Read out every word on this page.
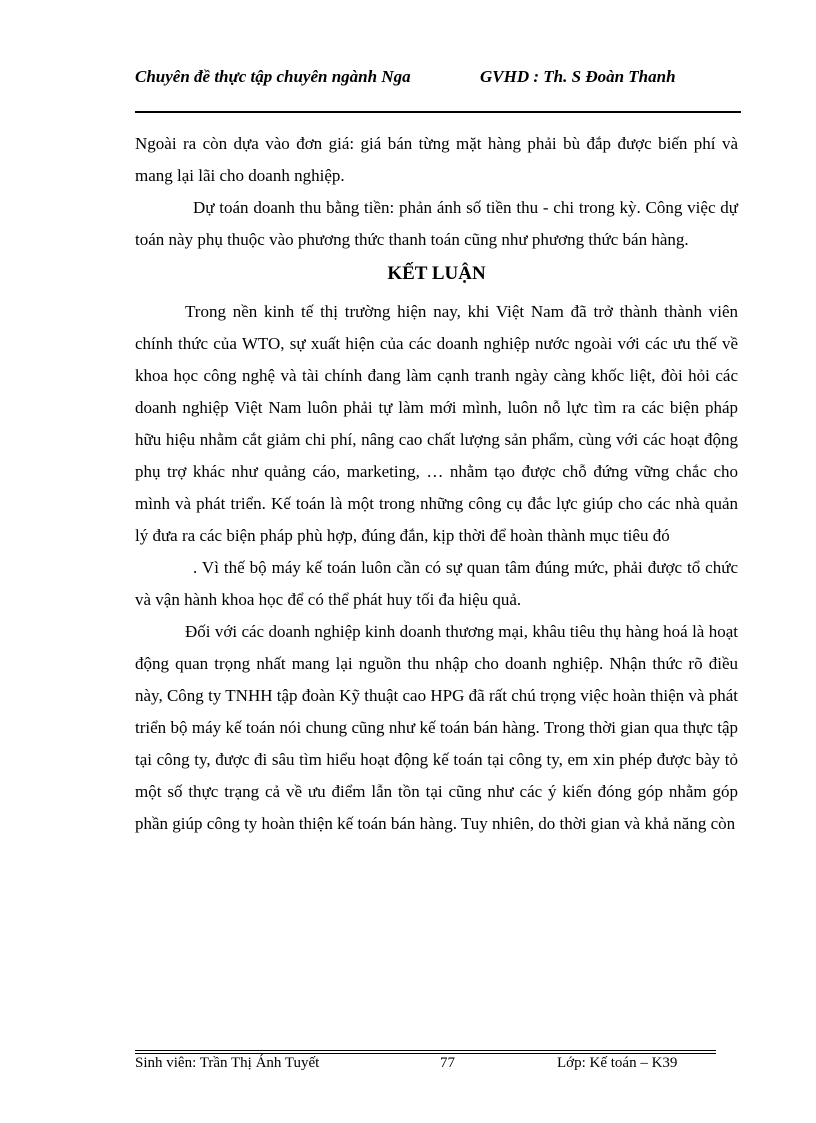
Chuyên đề thực tập chuyên ngành Nga	GVHD : Th. S Đoàn Thanh

Ngoài ra còn dựa vào đơn giá: giá bán từng mặt hàng phải bù đắp được biến phí và mang lại lãi cho doanh nghiệp.

Dự toán doanh thu bằng tiền: phản ánh số tiền thu - chi trong kỳ. Công việc dự toán này phụ thuộc vào phương thức thanh toán cũng như phương thức bán hàng.

KẾT LUẬN

Trong nền kinh tế thị trường hiện nay, khi Việt Nam đã trở thành thành viên chính thức của WTO, sự xuất hiện của các doanh nghiệp nước ngoài với các ưu thế về khoa học công nghệ và tài chính đang làm cạnh tranh ngày càng khốc liệt, đòi hỏi các doanh nghiệp Việt Nam luôn phải tự làm mới mình, luôn nỗ lực tìm ra các biện pháp hữu hiệu nhằm cắt giảm chi phí, nâng cao chất lượng sản phẩm, cùng với các hoạt động phụ trợ khác như quảng cáo, marketing, … nhằm tạo được chỗ đứng vững chắc cho mình và phát triển. Kế toán là một trong những công cụ đắc lực giúp cho các nhà quản lý đưa ra các biện pháp phù hợp, đúng đắn, kịp thời để hoàn thành mục tiêu đó

. Vì thế bộ máy kế toán luôn cần có sự quan tâm đúng mức, phải được tổ chức và vận hành khoa học để có thể phát huy tối đa hiệu quả.

Đối với các doanh nghiệp kinh doanh thương mại, khâu tiêu thụ hàng hoá là hoạt động quan trọng nhất mang lại nguồn thu nhập cho doanh nghiệp. Nhận thức rõ điều này, Công ty TNHH tập đoàn Kỹ thuật cao HPG đã rất chú trọng việc hoàn thiện và phát triển bộ máy kế toán nói chung cũng như kế toán bán hàng. Trong thời gian qua thực tập tại công ty, được đi sâu tìm hiểu hoạt động kế toán tại công ty, em xin phép được bày tỏ một số thực trạng cả về ưu điểm lẫn tồn tại cũng như các ý kiến đóng góp nhằm góp phần giúp công ty hoàn thiện kế toán bán hàng. Tuy nhiên, do thời gian và khả năng còn

Sinh viên: Trần Thị Ánh Tuyết	77	Lớp: Kế toán – K39
